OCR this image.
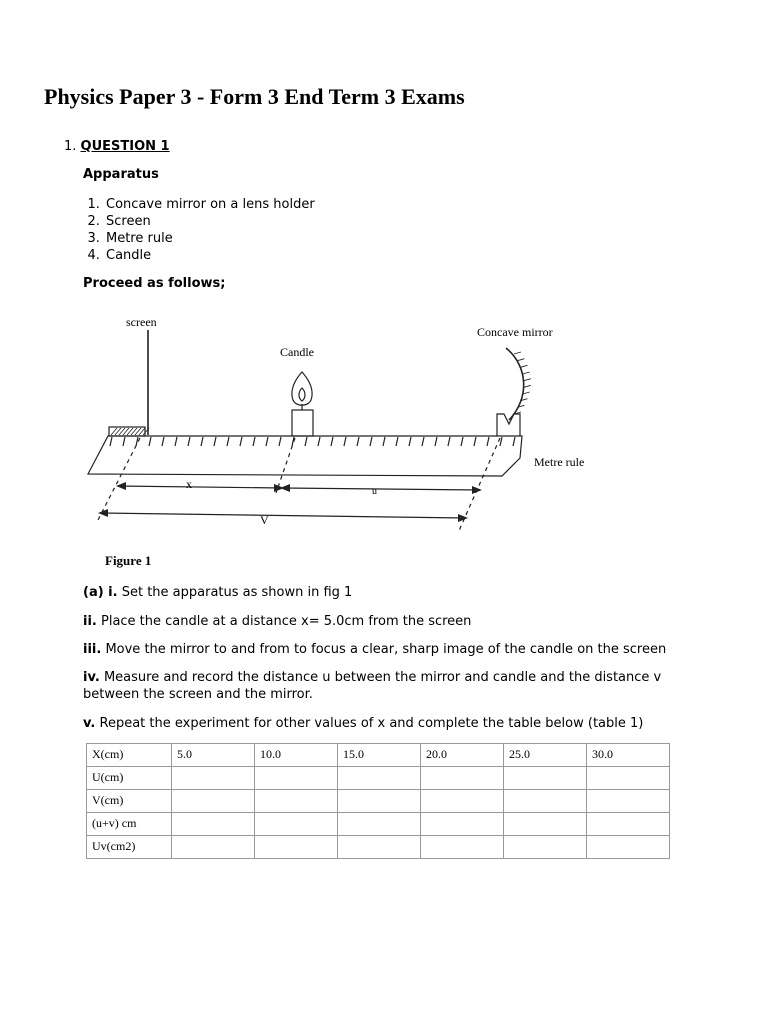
Physics Paper 3 - Form 3 End Term 3 Exams
1. QUESTION 1
Apparatus
1. Concave mirror on a lens holder
2. Screen
3. Metre rule
4. Candle
Proceed as follows;
screen
Candle
Concave mirror
Metre rule
x
u
V
Figure 1

(a) i. Set the apparatus as shown in fig 1

ii. Place the candle at a distance x= 5.0cm from the screen

iii. Move the mirror to and from to focus a clear, sharp image of the candle on the screen

iv. Measure and record the distance u between the mirror and candle and the distance v between the screen and the mirror.

v. Repeat the experiment for other values of x and complete the table below (table 1)

X(cm)	5.0	10.0	15.0	20.0	25.0	30.0
U(cm)						
V(cm)						
(u+v) cm						
Uv(cm2)						
